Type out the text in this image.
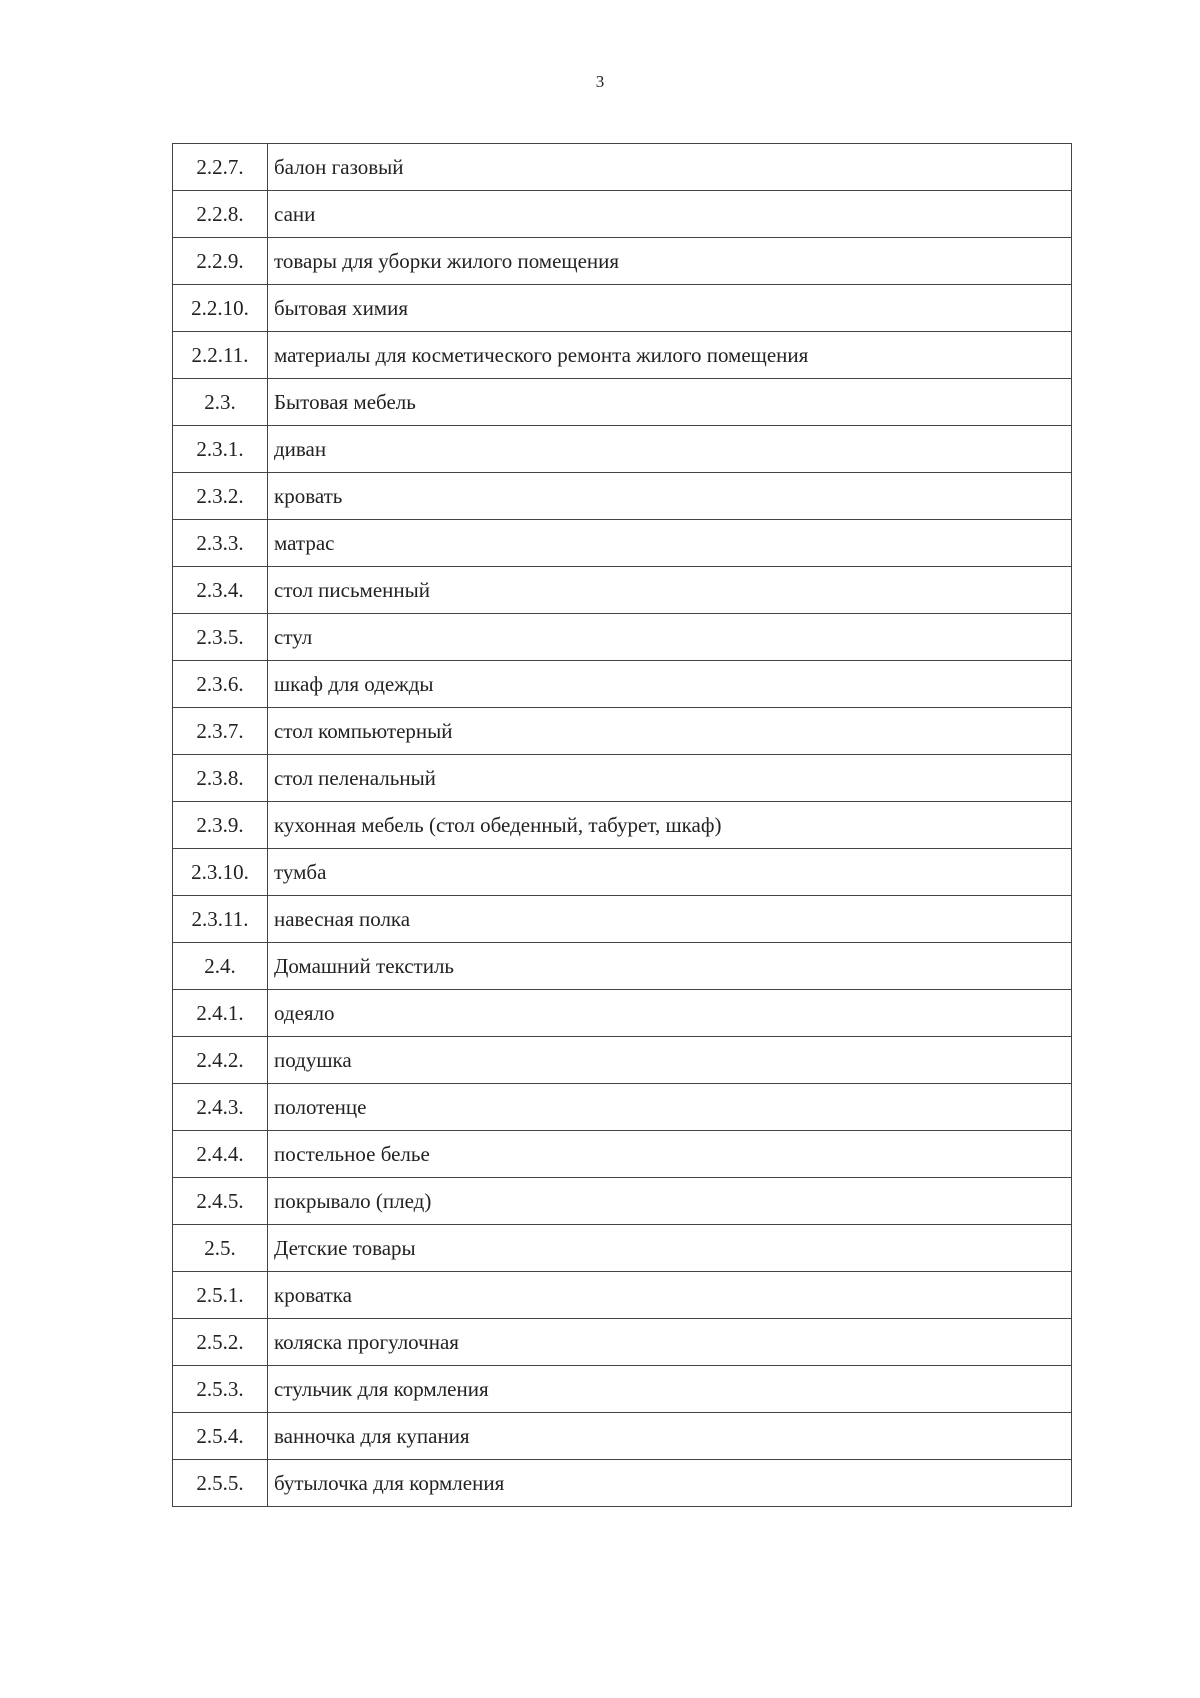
3
2.2.7.	балон газовый
2.2.8.	сани
2.2.9.	товары для уборки жилого помещения
2.2.10.	бытовая химия
2.2.11.	материалы для косметического ремонта жилого помещения
2.3.	Бытовая мебель
2.3.1.	диван
2.3.2.	кровать
2.3.3.	матрас
2.3.4.	стол письменный
2.3.5.	стул
2.3.6.	шкаф для одежды
2.3.7.	стол компьютерный
2.3.8.	стол пеленальный
2.3.9.	кухонная мебель (стол обеденный, табурет, шкаф)
2.3.10.	тумба
2.3.11.	навесная полка
2.4.	Домашний текстиль
2.4.1.	одеяло
2.4.2.	подушка
2.4.3.	полотенце
2.4.4.	постельное белье
2.4.5.	покрывало (плед)
2.5.	Детские товары
2.5.1.	кроватка
2.5.2.	коляска прогулочная
2.5.3.	стульчик для кормления
2.5.4.	ванночка для купания
2.5.5.	бутылочка для кормления
